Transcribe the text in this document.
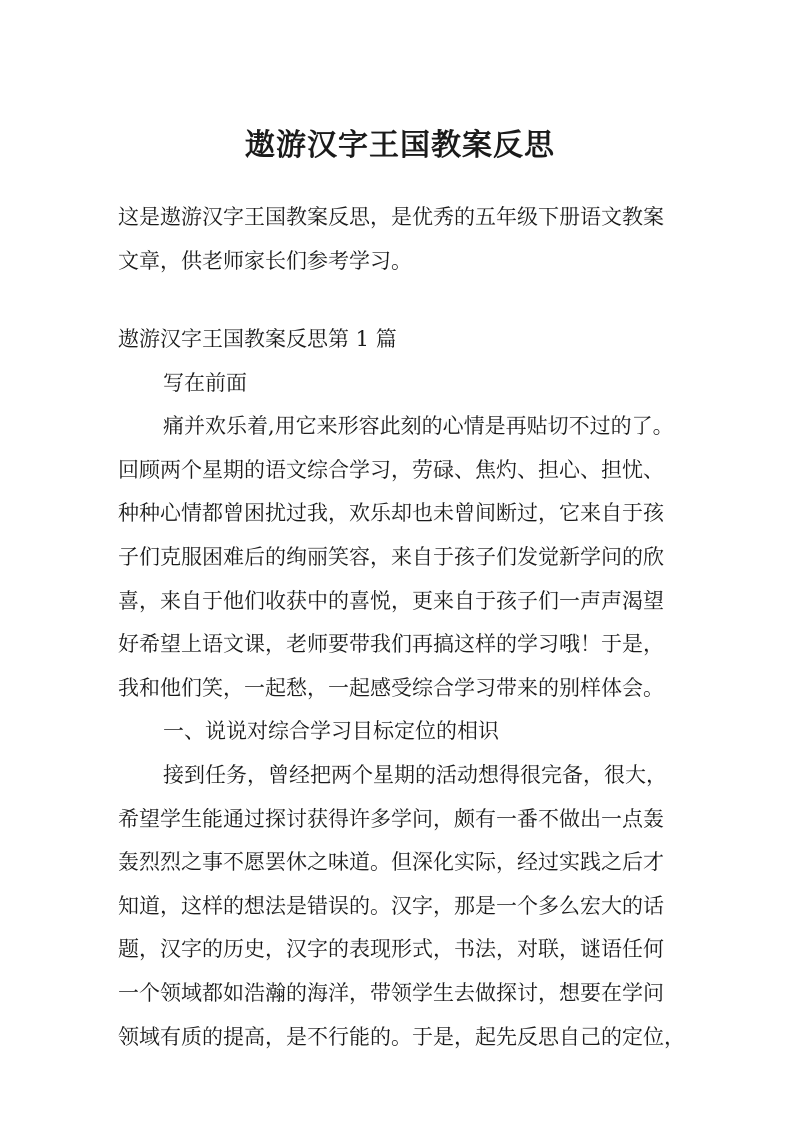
遨游汉字王国教案反思
这是遨游汉字王国教案反思，是优秀的五年级下册语文教案
文章，供老师家长们参考学习。
遨游汉字王国教案反思第 1 篇
写在前面
痛并欢乐着,用它来形容此刻的心情是再贴切不过的了。
回顾两个星期的语文综合学习，劳碌、焦灼、担心、担忧、
种种心情都曾困扰过我，欢乐却也未曾间断过，它来自于孩
子们克服困难后的绚丽笑容，来自于孩子们发觉新学问的欣
喜，来自于他们收获中的喜悦，更来自于孩子们一声声渴望
好希望上语文课，老师要带我们再搞这样的学习哦！于是，
我和他们笑，一起愁，一起感受综合学习带来的别样体会。
一、说说对综合学习目标定位的相识
接到任务，曾经把两个星期的活动想得很完备，很大，
希望学生能通过探讨获得许多学问，颇有一番不做出一点轰
轰烈烈之事不愿罢休之味道。但深化实际，经过实践之后才
知道，这样的想法是错误的。汉字，那是一个多么宏大的话
题，汉字的历史，汉字的表现形式，书法，对联，谜语任何
一个领域都如浩瀚的海洋，带领学生去做探讨，想要在学问
领域有质的提高，是不行能的。于是，起先反思自己的定位，
